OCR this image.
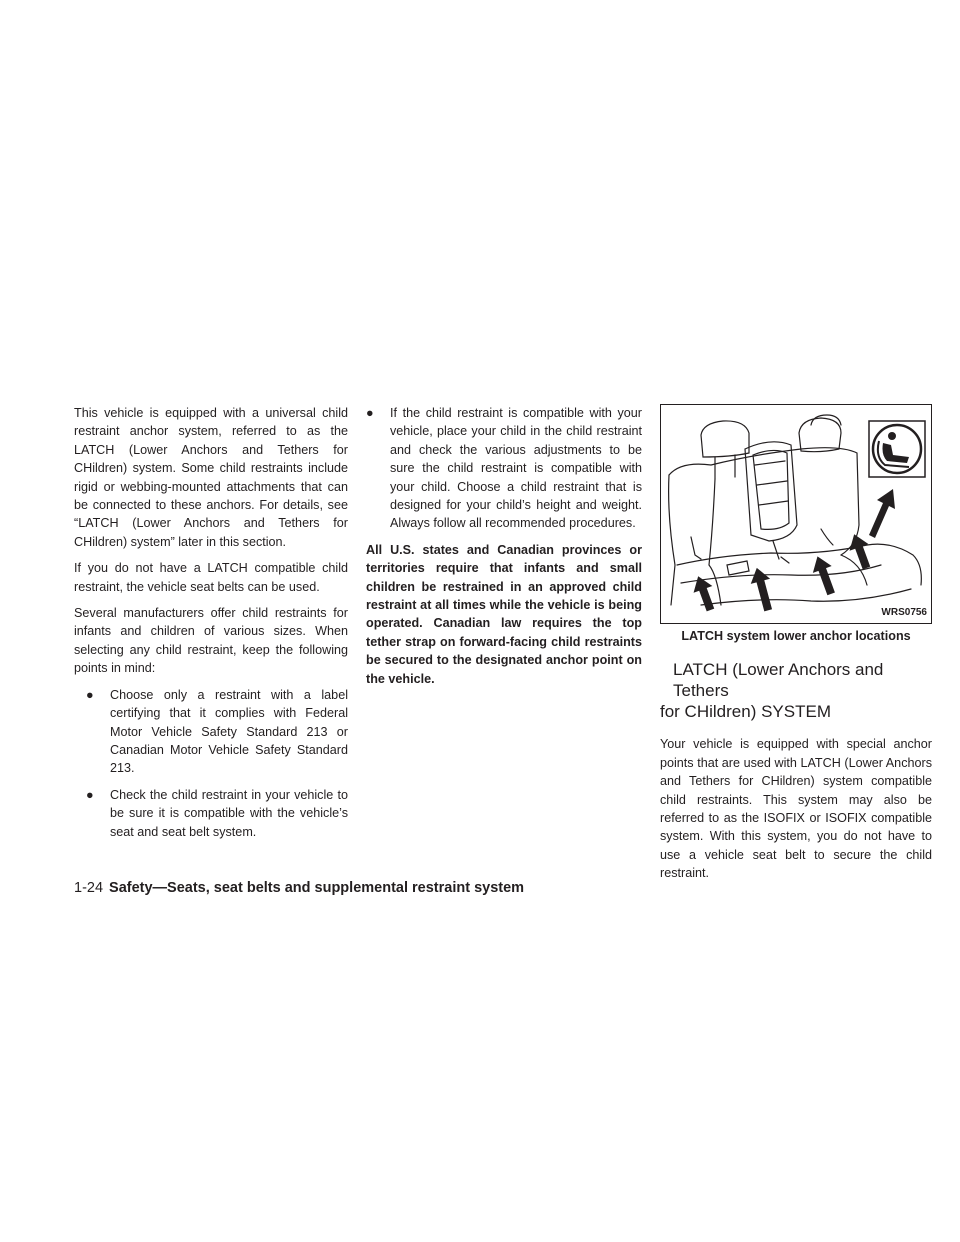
This vehicle is equipped with a universal child restraint anchor system, referred to as the LATCH (Lower Anchors and Tethers for CHildren) system. Some child restraints include rigid or webbing-mounted attachments that can be connected to these anchors. For details, see “LATCH (Lower Anchors and Tethers for CHildren) system” later in this section.

If you do not have a LATCH compatible child restraint, the vehicle seat belts can be used.

Several manufacturers offer child restraints for infants and children of various sizes. When selecting any child restraint, keep the following points in mind:

● Choose only a restraint with a label certifying that it complies with Federal Motor Vehicle Safety Standard 213 or Canadian Motor Vehicle Safety Standard 213.
● Check the child restraint in your vehicle to be sure it is compatible with the vehicle’s seat and seat belt system.
● If the child restraint is compatible with your vehicle, place your child in the child restraint and check the various adjustments to be sure the child restraint is compatible with your child. Choose a child restraint that is designed for your child’s height and weight. Always follow all recommended procedures.

All U.S. states and Canadian provinces or territories require that infants and small children be restrained in an approved child restraint at all times while the vehicle is being operated. Canadian law requires the top tether strap on forward-facing child restraints be secured to the designated anchor point on the vehicle.

WRS0756
LATCH system lower anchor locations
LATCH (Lower Anchors and Tethers
for CHildren) SYSTEM

Your vehicle is equipped with special anchor points that are used with LATCH (Lower Anchors and Tethers for CHildren) system compatible child restraints. This system may also be referred to as the ISOFIX or ISOFIX compatible system. With this system, you do not have to use a vehicle seat belt to secure the child restraint.

1-24 Safety—Seats, seat belts and supplemental restraint system
